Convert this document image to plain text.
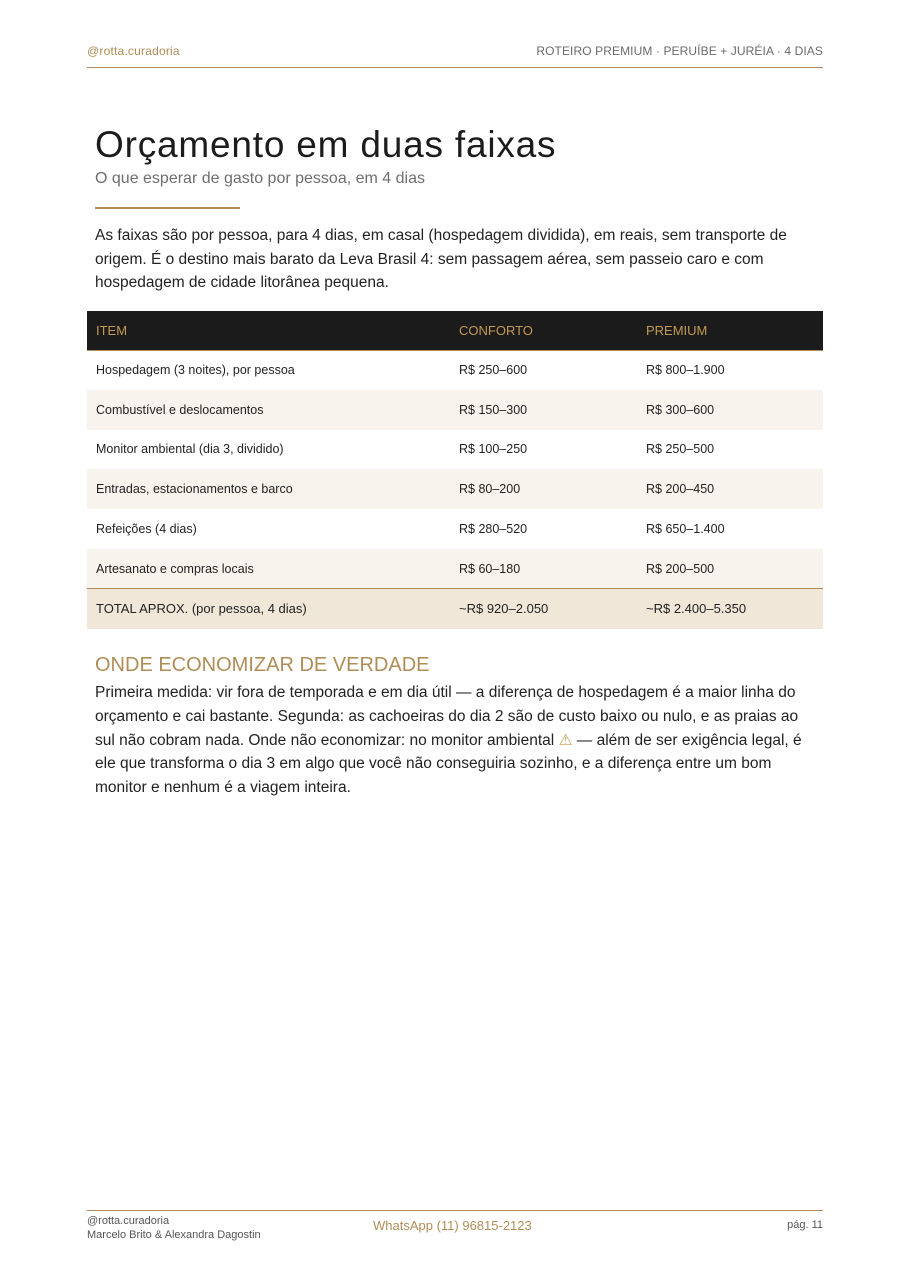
@rotta.curadoria	ROTEIRO PREMIUM · PERUÍBE + JURÉIA · 4 DIAS
Orçamento em duas faixas
O que esperar de gasto por pessoa, em 4 dias

As faixas são por pessoa, para 4 dias, em casal (hospedagem dividida), em reais, sem transporte de origem. É o destino mais barato da Leva Brasil 4: sem passagem aérea, sem passeio caro e com hospedagem de cidade litorânea pequena.

ITEM	CONFORTO	PREMIUM
Hospedagem (3 noites), por pessoa	R$ 250–600	R$ 800–1.900
Combustível e deslocamentos	R$ 150–300	R$ 300–600
Monitor ambiental (dia 3, dividido)	R$ 100–250	R$ 250–500
Entradas, estacionamentos e barco	R$ 80–200	R$ 200–450
Refeições (4 dias)	R$ 280–520	R$ 650–1.400
Artesanato e compras locais	R$ 60–180	R$ 200–500
TOTAL APROX. (por pessoa, 4 dias)	~R$ 920–2.050	~R$ 2.400–5.350
ONDE ECONOMIZAR DE VERDADE

Primeira medida: vir fora de temporada e em dia útil — a diferença de hospedagem é a maior linha do orçamento e cai bastante. Segunda: as cachoeiras do dia 2 são de custo baixo ou nulo, e as praias ao sul não cobram nada. Onde não economizar: no monitor ambiental ⚠ — além de ser exigência legal, é ele que transforma o dia 3 em algo que você não conseguiria sozinho, e a diferença entre um bom monitor e nenhum é a viagem inteira.

@rotta.curadoria
Marcelo Brito & Alexandra Dagostin
WhatsApp (11) 96815-2123	pág. 11
